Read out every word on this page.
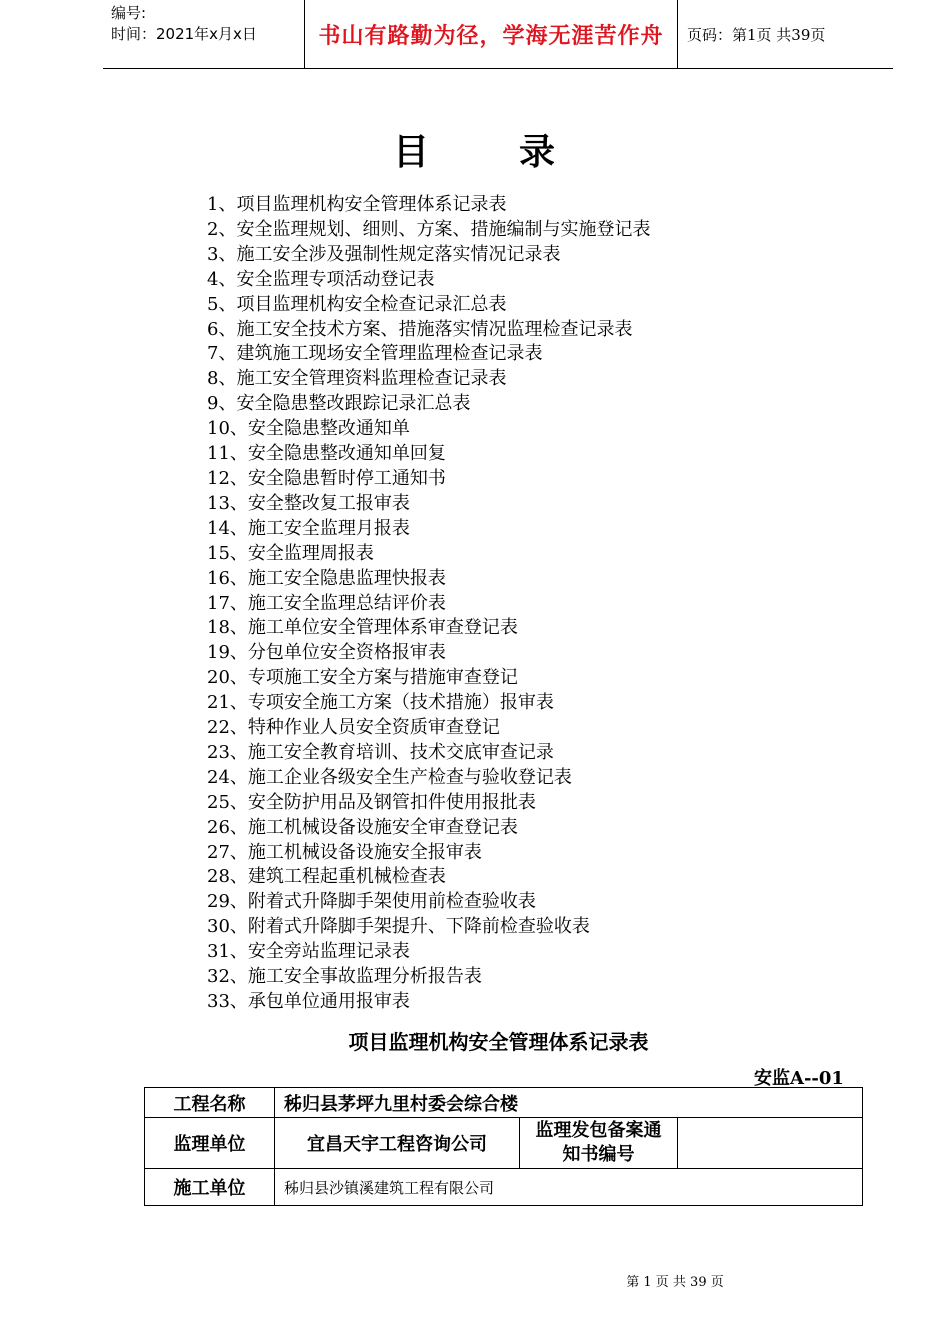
编号:
时间：2021年x月x日	书山有路勤为径，学海无涯苦作舟	页码：第1页 共39页
目 录
1、项目监理机构安全管理体系记录表
2、安全监理规划、细则、方案、措施编制与实施登记表
3、施工安全涉及强制性规定落实情况记录表
4、安全监理专项活动登记表
5、项目监理机构安全检查记录汇总表
6、施工安全技术方案、措施落实情况监理检查记录表
7、建筑施工现场安全管理监理检查记录表
8、施工安全管理资料监理检查记录表
9、安全隐患整改跟踪记录汇总表
10、安全隐患整改通知单
11、安全隐患整改通知单回复
12、安全隐患暂时停工通知书
13、安全整改复工报审表
14、施工安全监理月报表
15、安全监理周报表
16、施工安全隐患监理快报表
17、施工安全监理总结评价表
18、施工单位安全管理体系审查登记表
19、分包单位安全资格报审表
20、专项施工安全方案与措施审查登记
21、专项安全施工方案（技术措施）报审表
22、特种作业人员安全资质审查登记
23、施工安全教育培训、技术交底审查记录
24、施工企业各级安全生产检查与验收登记表
25、安全防护用品及钢管扣件使用报批表
26、施工机械设备设施安全审查登记表
27、施工机械设备设施安全报审表
28、建筑工程起重机械检查表
29、附着式升降脚手架使用前检查验收表
30、附着式升降脚手架提升、下降前检查验收表
31、安全旁站监理记录表
32、施工安全事故监理分析报告表
33、承包单位通用报审表
项目监理机构安全管理体系记录表
安监A--01
工程名称	秭归县茅坪九里村委会综合楼
监理单位	宜昌天宇工程咨询公司
监理发包备案通
知书编号
施工单位	秭归县沙镇溪建筑工程有限公司
第 1 页 共 39 页
